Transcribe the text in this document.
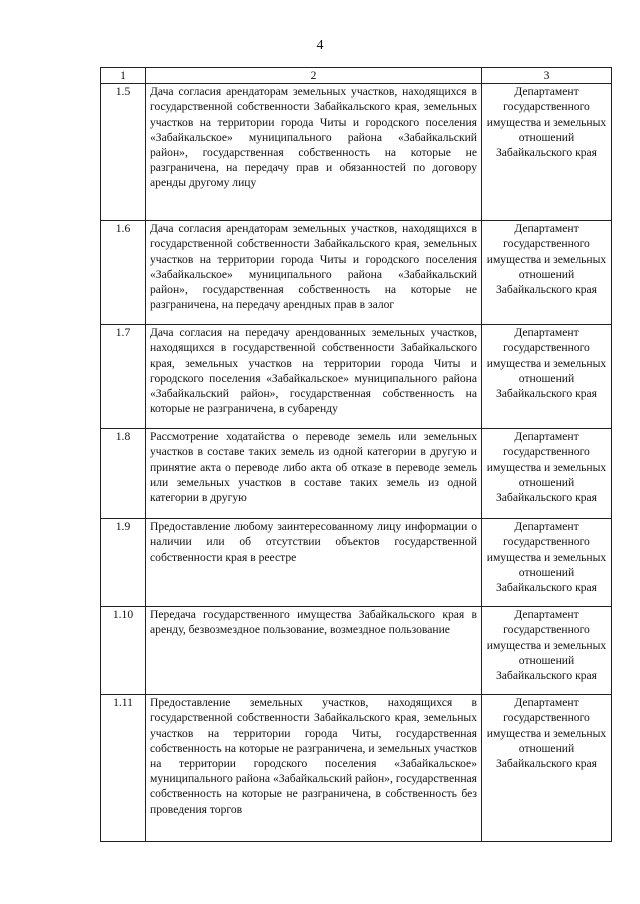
4
1	2	3
1.5	Дача согласия арендаторам земельных участков, находящихся в государственной собственности Забайкальского края, земельных участков на территории города Читы и городского поселения «Забайкальское» муниципального района «Забайкальский район», государственная собственность на которые не разграничена, на передачу прав и обязанностей по договору аренды другому лицу	Департамент государственного имущества и земельных отношений Забайкальского края
1.6	Дача согласия арендаторам земельных участков, находящихся в государственной собственности Забайкальского края, земельных участков на территории города Читы и городского поселения «Забайкальское» муниципального района «Забайкальский район», государственная собственность на которые не разграничена, на передачу арендных прав в залог	Департамент государственного имущества и земельных отношений Забайкальского края
1.7	Дача согласия на передачу арендованных земельных участков, находящихся в государственной собственности Забайкальского края, земельных участков на территории города Читы и городского поселения «Забайкальское» муниципального района «Забайкальский район», государственная собственность на которые не разграничена, в субаренду	Департамент государственного имущества и земельных отношений Забайкальского края
1.8	Рассмотрение ходатайства о переводе земель или земельных участков в составе таких земель из одной категории в другую и принятие акта о переводе либо акта об отказе в переводе земель или земельных участков в составе таких земель из одной категории в другую	Департамент государственного имущества и земельных отношений Забайкальского края
1.9	Предоставление любому заинтересованному лицу информации о наличии или об отсутствии объектов государственной собственности края в реестре	Департамент государственного имущества и земельных отношений Забайкальского края
1.10	Передача государственного имущества Забайкальского края в аренду, безвозмездное пользование, возмездное пользование	Департамент государственного имущества и земельных отношений Забайкальского края
1.11	Предоставление земельных участков, находящихся в государственной собственности Забайкальского края, земельных участков на территории города Читы, государственная собственность на которые не разграничена, и земельных участков на территории городского поселения «Забайкальское» муниципального района «Забайкальский район», государственная собственность на которые не разграничена, в собственность без проведения торгов	Департамент государственного имущества и земельных отношений Забайкальского края
